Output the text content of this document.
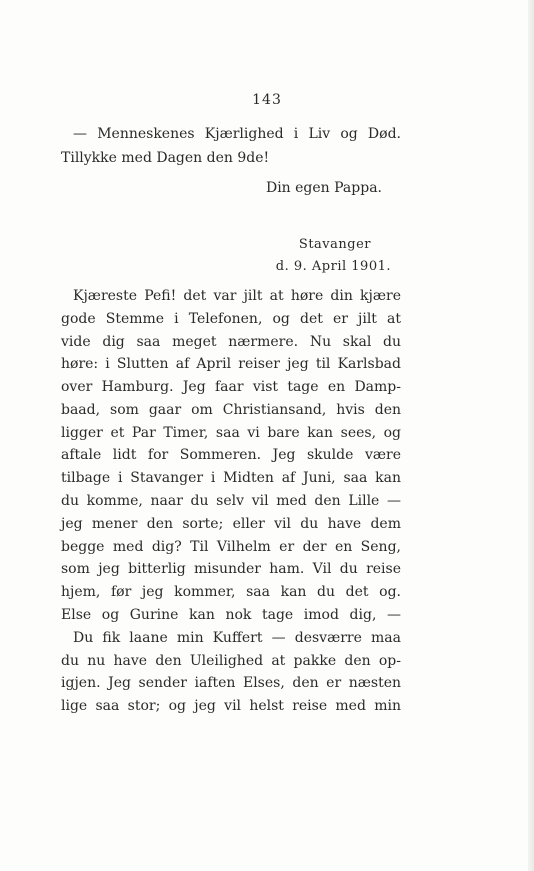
143
— Menneskenes Kjærlighed i Liv og Død.
Tillykke med Dagen den 9de!
Din egen Pappa.
Stavanger
d. 9. April 1901.
Kjæreste Pefi! det var jilt at høre din kjære
gode Stemme i Telefonen, og det er jilt at
vide dig saa meget nærmere. Nu skal du
høre: i Slutten af April reiser jeg til Karlsbad
over Hamburg. Jeg faar vist tage en Damp-
baad, som gaar om Christiansand, hvis den
ligger et Par Timer, saa vi bare kan sees, og
aftale lidt for Sommeren. Jeg skulde være
tilbage i Stavanger i Midten af Juni, saa kan
du komme, naar du selv vil med den Lille —
jeg mener den sorte; eller vil du have dem
begge med dig? Til Vilhelm er der en Seng,
som jeg bitterlig misunder ham. Vil du reise
hjem, før jeg kommer, saa kan du det og.
Else og Gurine kan nok tage imod dig, —
Du fik laane min Kuffert — desværre maa
du nu have den Uleilighed at pakke den op-
igjen. Jeg sender iaften Elses, den er næsten
lige saa stor; og jeg vil helst reise med min
